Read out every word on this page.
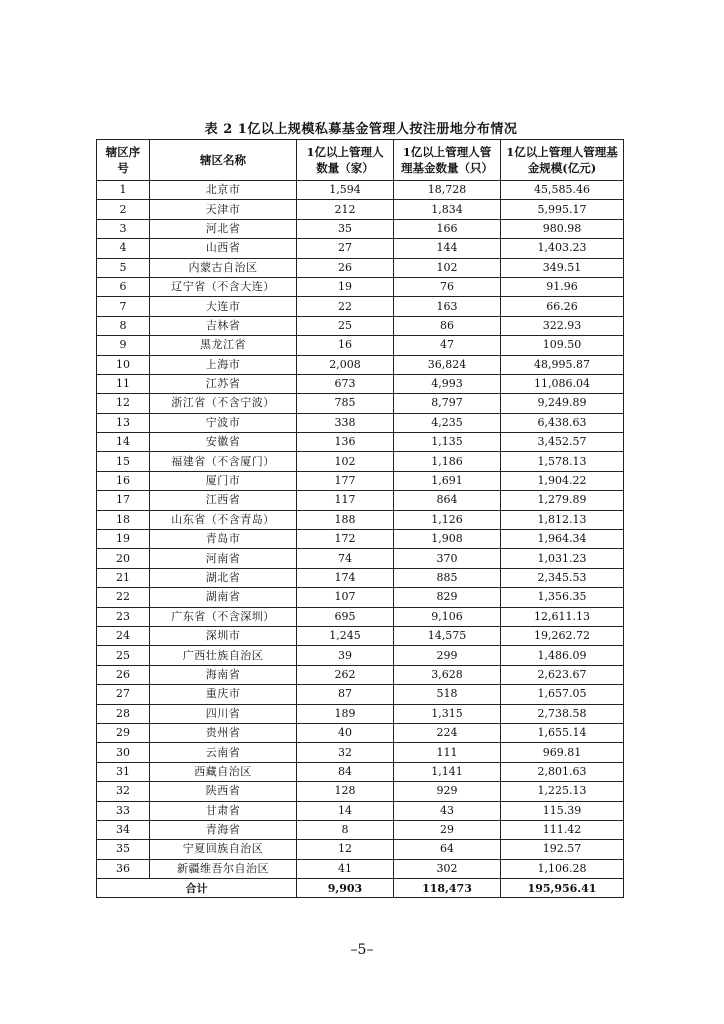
表 2 1亿以上规模私募基金管理人按注册地分布情况
辖区序号	辖区名称	1亿以上管理人数量（家）	1亿以上管理人管理基金数量（只）	1亿以上管理人管理基金规模(亿元)
1	北京市	1,594	18,728	45,585.46
2	天津市	212	1,834	5,995.17
3	河北省	35	166	980.98
4	山西省	27	144	1,403.23
5	内蒙古自治区	26	102	349.51
6	辽宁省（不含大连）	19	76	91.96
7	大连市	22	163	66.26
8	吉林省	25	86	322.93
9	黑龙江省	16	47	109.50
10	上海市	2,008	36,824	48,995.87
11	江苏省	673	4,993	11,086.04
12	浙江省（不含宁波）	785	8,797	9,249.89
13	宁波市	338	4,235	6,438.63
14	安徽省	136	1,135	3,452.57
15	福建省（不含厦门）	102	1,186	1,578.13
16	厦门市	177	1,691	1,904.22
17	江西省	117	864	1,279.89
18	山东省（不含青岛）	188	1,126	1,812.13
19	青岛市	172	1,908	1,964.34
20	河南省	74	370	1,031.23
21	湖北省	174	885	2,345.53
22	湖南省	107	829	1,356.35
23	广东省（不含深圳）	695	9,106	12,611.13
24	深圳市	1,245	14,575	19,262.72
25	广西壮族自治区	39	299	1,486.09
26	海南省	262	3,628	2,623.67
27	重庆市	87	518	1,657.05
28	四川省	189	1,315	2,738.58
29	贵州省	40	224	1,655.14
30	云南省	32	111	969.81
31	西藏自治区	84	1,141	2,801.63
32	陕西省	128	929	1,225.13
33	甘肃省	14	43	115.39
34	青海省	8	29	111.42
35	宁夏回族自治区	12	64	192.57
36	新疆维吾尔自治区	41	302	1,106.28
合计		9,903	118,473	195,956.41
–5–
